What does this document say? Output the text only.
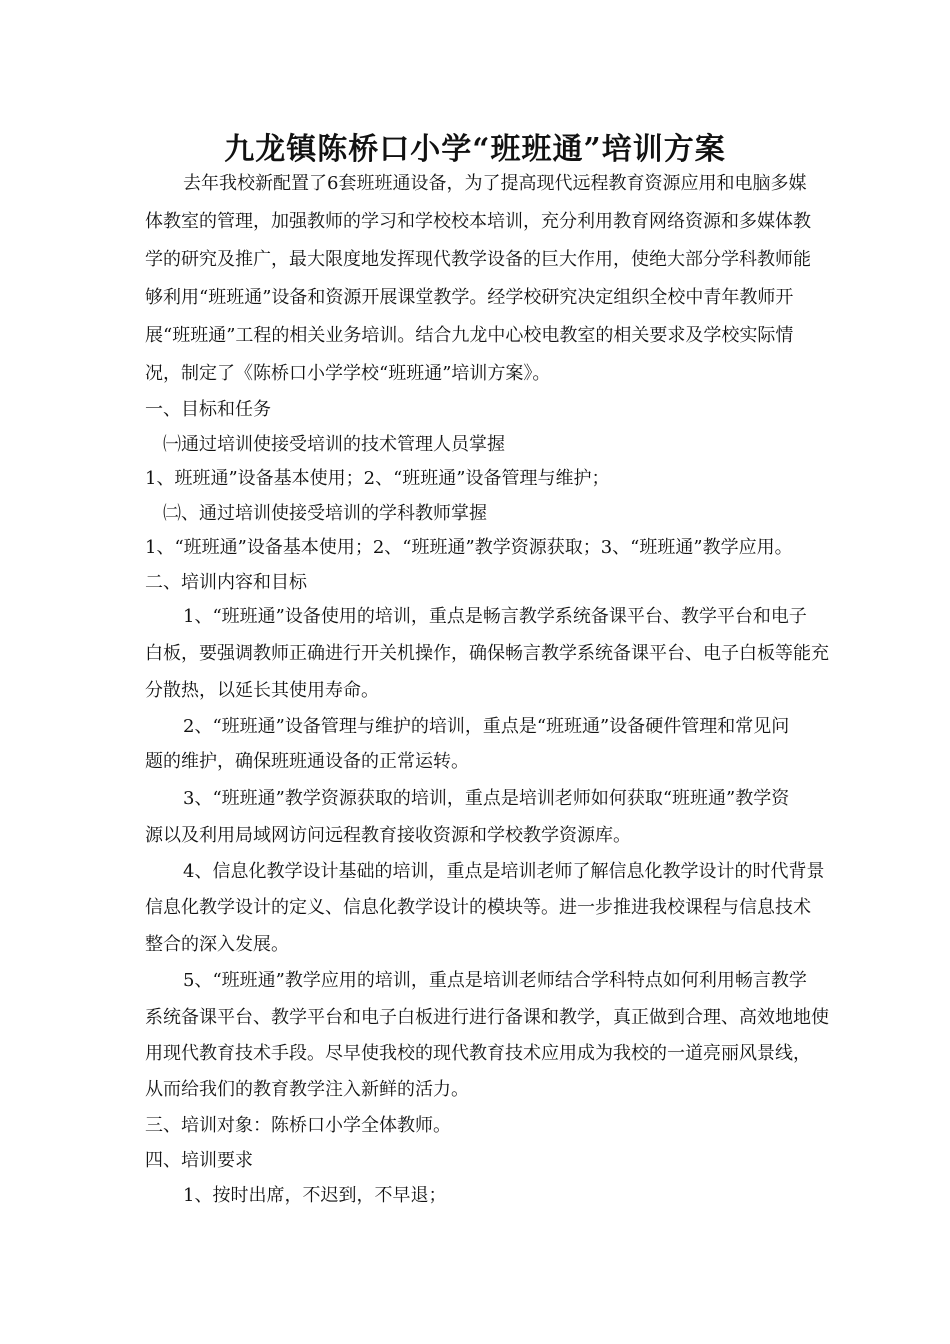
九龙镇陈桥口小学“班班通”培训方案
去年我校新配置了6套班班通设备，为了提高现代远程教育资源应用和电脑多媒
体教室的管理，加强教师的学习和学校校本培训，充分利用教育网络资源和多媒体教
学的研究及推广，最大限度地发挥现代教学设备的巨大作用，使绝大部分学科教师能
够利用“班班通”设备和资源开展课堂教学。经学校研究决定组织全校中青年教师开
展“班班通”工程的相关业务培训。结合九龙中心校电教室的相关要求及学校实际情
况，制定了《陈桥口小学学校“班班通”培训方案》。
一、目标和任务
㈠通过培训使接受培训的技术管理人员掌握
1、班班通”设备基本使用；2、“班班通”设备管理与维护；
㈡、通过培训使接受培训的学科教师掌握
1、“班班通”设备基本使用；2、“班班通”教学资源获取；3、“班班通”教学应用。
二、培训内容和目标
1、“班班通”设备使用的培训，重点是畅言教学系统备课平台、教学平台和电子
白板，要强调教师正确进行开关机操作，确保畅言教学系统备课平台、电子白板等能充
分散热，以延长其使用寿命。
2、“班班通”设备管理与维护的培训，重点是“班班通”设备硬件管理和常见问
题的维护，确保班班通设备的正常运转。
3、“班班通”教学资源获取的培训，重点是培训老师如何获取“班班通”教学资
源以及利用局域网访问远程教育接收资源和学校教学资源库。
4、信息化教学设计基础的培训，重点是培训老师了解信息化教学设计的时代背景
信息化教学设计的定义、信息化教学设计的模块等。进一步推进我校课程与信息技术
整合的深入发展。
5、“班班通”教学应用的培训，重点是培训老师结合学科特点如何利用畅言教学
系统备课平台、教学平台和电子白板进行进行备课和教学，真正做到合理、高效地地使
用现代教育技术手段。尽早使我校的现代教育技术应用成为我校的一道亮丽风景线，
从而给我们的教育教学注入新鲜的活力。
三、培训对象：陈桥口小学全体教师。
四、培训要求
1、按时出席，不迟到，不早退；
